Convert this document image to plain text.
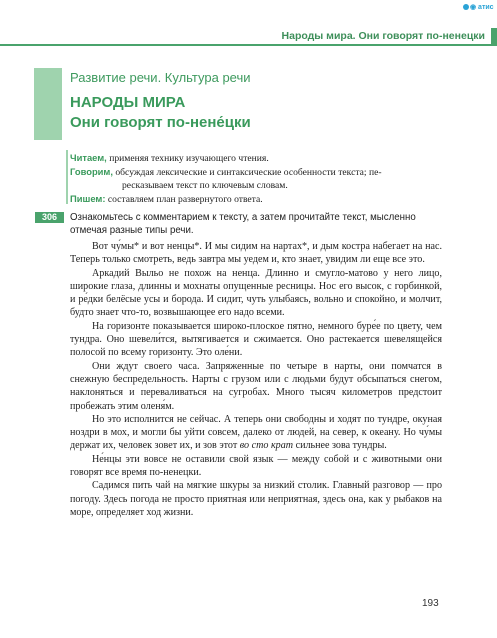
◉ атис
Народы мира. Они говорят по-ненецки
Развитие речи. Культура речи
НАРОДЫ МИРА
Они говорят по-нене́цки
Читаем, применяя технику изучающего чтения.
Говорим, обсуждая лексические и синтаксические особенности текста; пе-
ресказываем текст по ключевым словам.
Пишем: составляем план развернутого ответа.
306	Ознакомьтесь с комментарием к тексту, а затем прочитайте текст, мысленно отмечая разные типы речи.

Вот чу́мы* и вот ненцы*. И мы сидим на нартах*, и дым костра набегает на нас. Теперь только смотреть, ведь завтра мы уедем и, кто знает, увидим ли еще все это.

Аркадий Выльо не похож на ненца. Длинно и смугло-матово у него лицо, широкие глаза, длинны и мохнаты опущенные ресницы. Нос его высок, с горбинкой, и ре́дки белёсые усы и борода. И сидит, чуть улыбаясь, вольно и спокойно, и молчит, будто знает что-то, возвышающее его надо всеми.

На горизонте показывается широко-плоское пятно, немного буре́е по цвету, чем тундра. Оно шевели́тся, вытягивается и сжимается. Оно растекается шевелящейся полосой по всему горизонту. Это оле́ни.

Они ждут своего часа. Запряженные по четыре в нарты, они помчатся в снежную беспредельность. Нарты с грузом или с людьми будут обсыпаться снегом, наклоняться и переваливаться на сугробах. Много тысяч километров предстоит пробежать этим оленя́м.

Но это исполнится не сейчас. А теперь они свободны и ходят по тундре, окуная ноздри в мох, и могли бы уйти совсем, далеко от людей, на север, к океану. Но чу́мы держат их, человек зовет их, и зов этот во сто крат сильнее зова тундры.

Не́нцы эти вовсе не оставили свой язык — между собой и с животными они говорят все время по-ненецки.

Садимся пить чай на мягкие шкуры за низкий столик. Главный разговор — про погоду. Здесь погода не просто приятная или неприятная, здесь она, как у рыбаков на море, определяет ход жизни.

193
